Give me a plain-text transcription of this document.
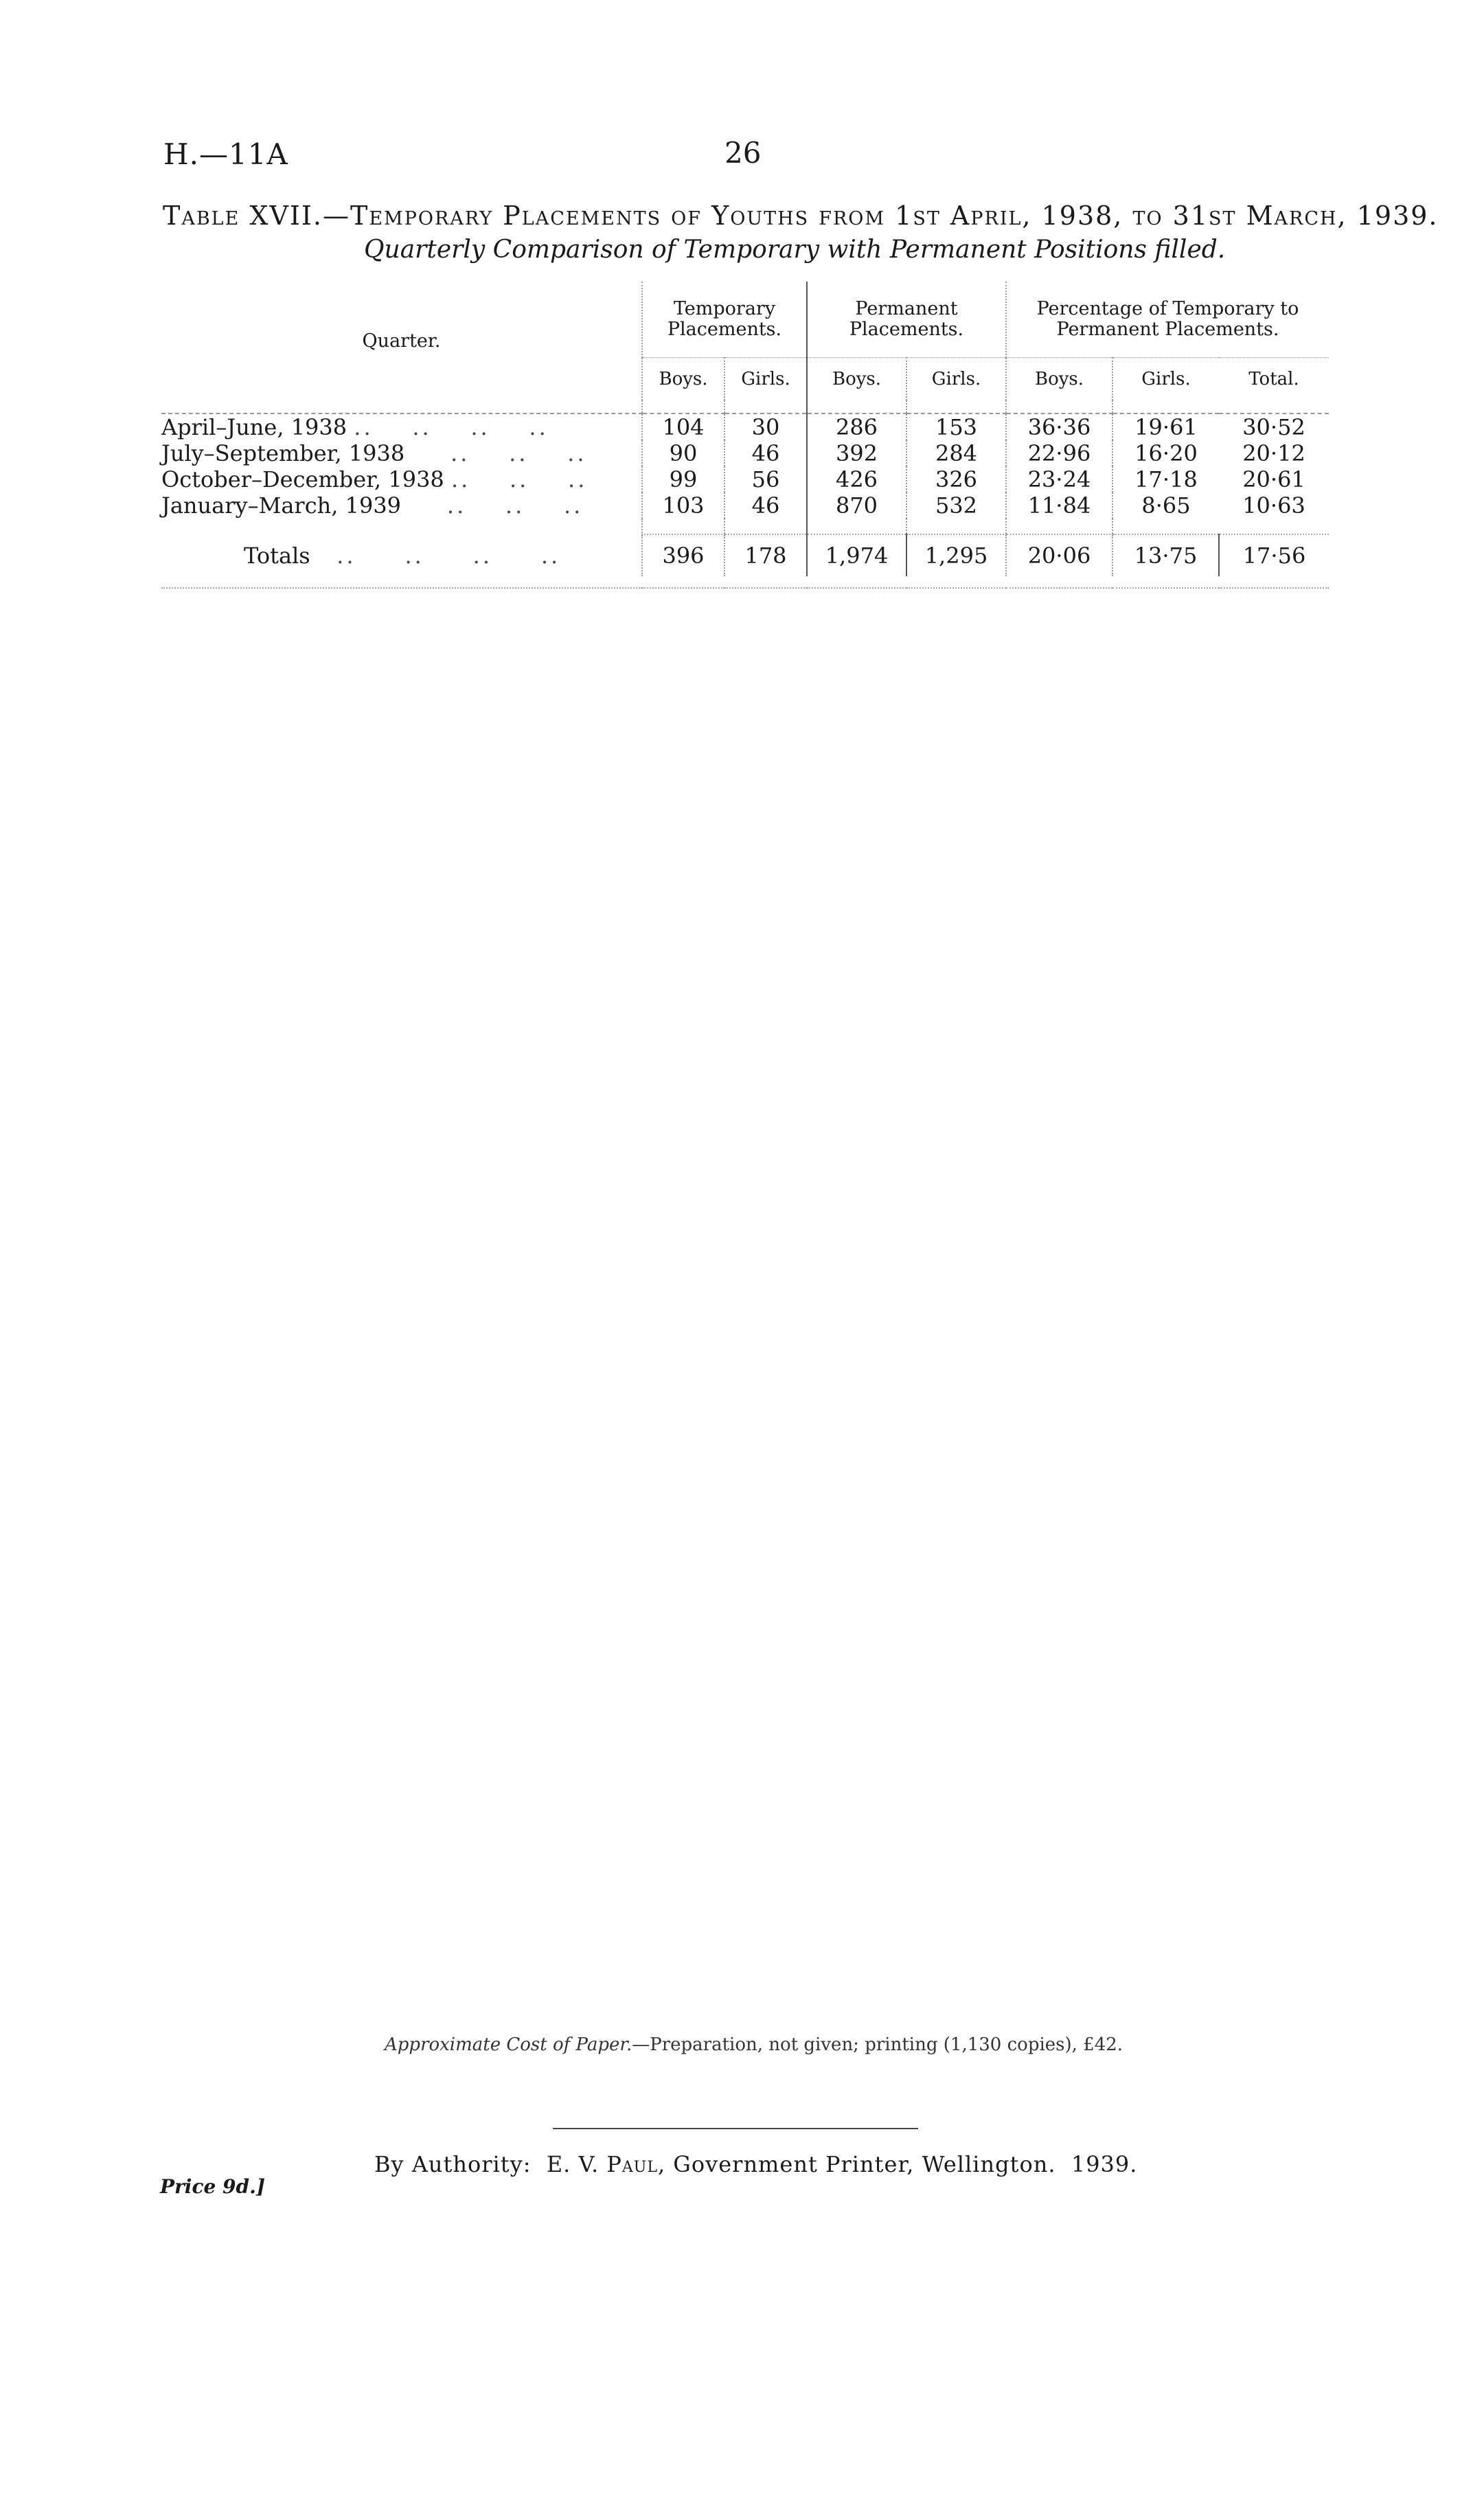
H.—11A	26
Table XVII.—Temporary Placements of Youths from 1st April, 1938, to 31st March, 1939.
Quarterly Comparison of Temporary with Permanent Positions filled.
Quarter.	Temporary Placements.		Permanent Placements.		Percentage of Temporary to Permanent Placements.		
	Boys.	Girls.	Boys.	Girls.	Boys.	Girls.	Total.

April–June, 1938 ..    ..    ..    ..	104	30	286	153	36·36	19·61	30·52
July–September, 1938     ..    ..    ..	90	46	392	284	22·96	16·20	20·12
October–December, 1938 ..    ..    ..	99	56	426	326	23·24	17·18	20·61
January–March, 1939     ..    ..    ..	103	46	870	532	11·84	8·65	10·63

Totals   ..     ..     ..     ..	396	178	1,974	1,295	20·06	13·75	17·56

Approximate Cost of Paper.—Preparation, not given; printing (1,130 copies), £42.
By Authority: E. V. Paul, Government Printer, Wellington. 1939.
Price 9d.]
